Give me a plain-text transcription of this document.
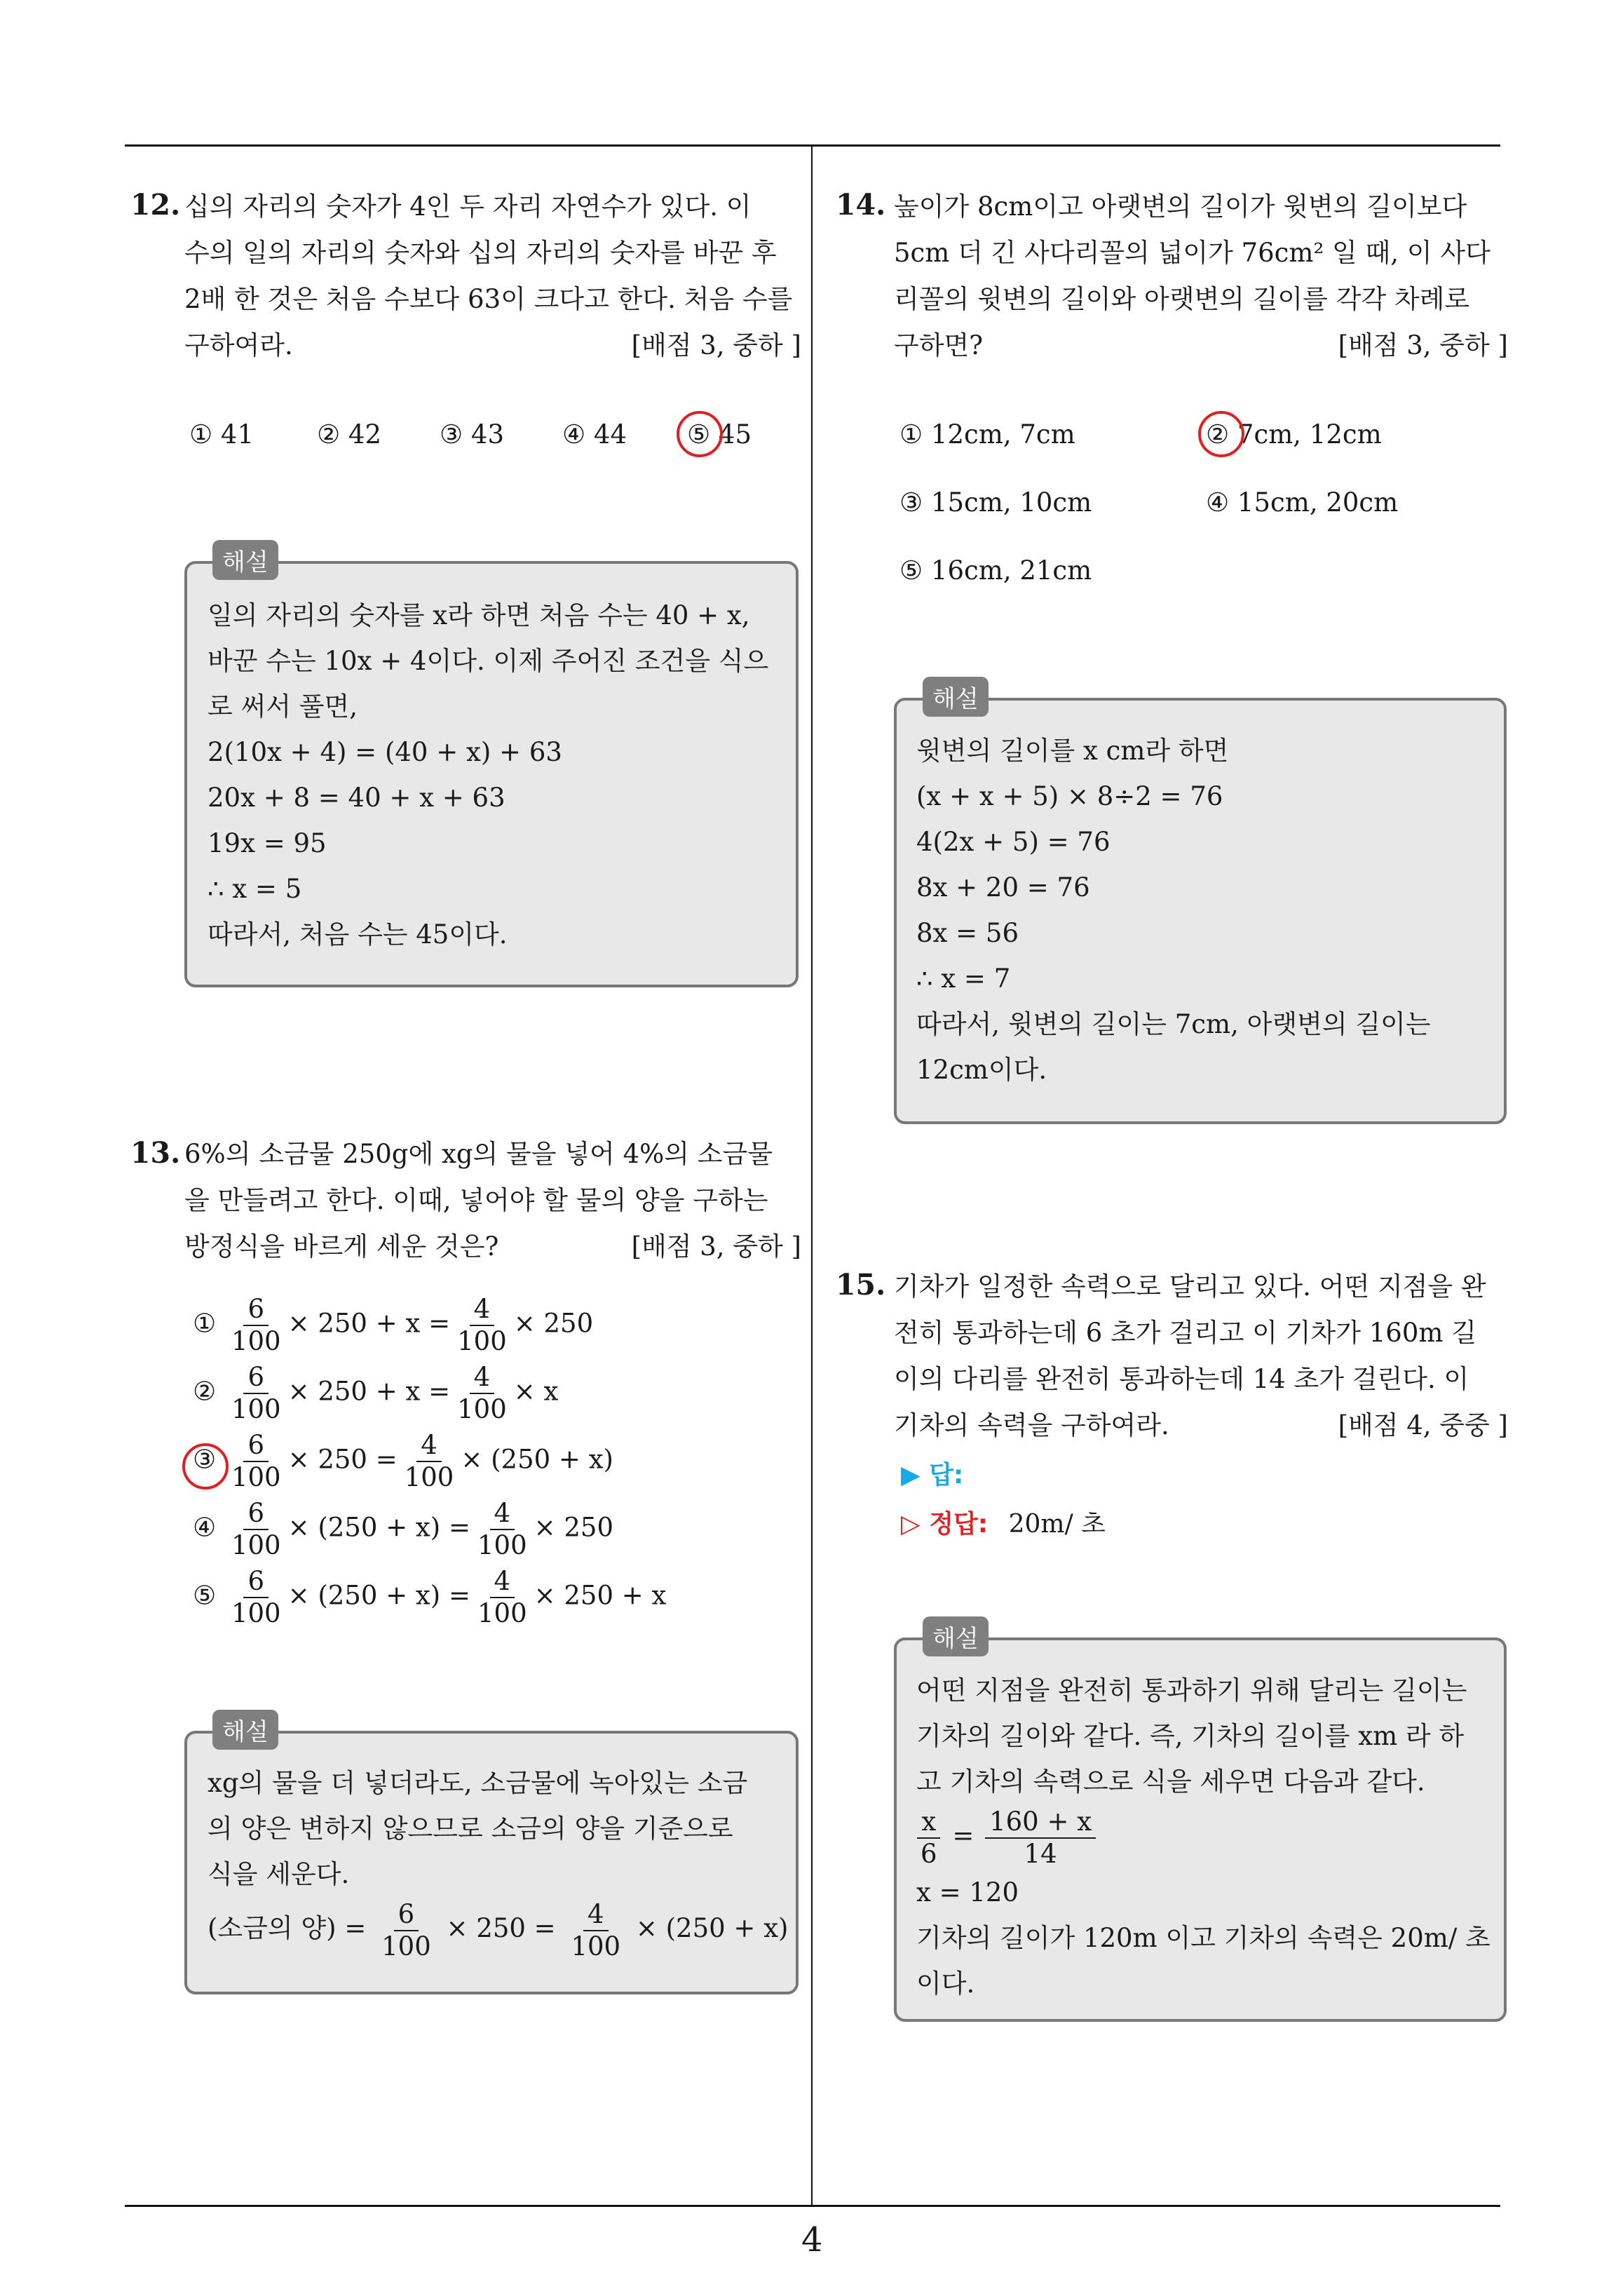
4
12. 십의 자리의 숫자가 4인 두 자리 자연수가 있다. 이
수의 일의 자리의 숫자와 십의 자리의 숫자를 바꾼 후
2배 한 것은 처음 수보다 63이 크다고 한다. 처음 수를
구하여라.	[배점 3, 중하 ]
① 41 ② 42 ③ 43 ④ 44 ⑤ 45
해설
일의 자리의 숫자를 x라 하면 처음 수는 40 + x,
바꾼 수는 10x + 4이다. 이제 주어진 조건을 식으
로 써서 풀면,
2(10x + 4) = (40 + x) + 63
20x + 8 = 40 + x + 63
19x = 95
∴ x = 5
따라서, 처음 수는 45이다.
13. 6%의 소금물 250g에 xg의 물을 넣어 4%의 소금물
을 만들려고 한다. 이때, 넣어야 할 물의 양을 구하는
방정식을 바르게 세운 것은?	[배점 3, 중하 ]
① $\frac{6}{100} \times 250 + x = \frac{4}{100} \times 250$
② $\frac{6}{100} \times 250 + x = \frac{4}{100} \times x$
③ $\frac{6}{100} \times 250 = \frac{4}{100} \times (250 + x)$
④ $\frac{6}{100} \times (250 + x) = \frac{4}{100} \times 250$
⑤ $\frac{6}{100} \times (250 + x) = \frac{4}{100} \times 250 + x$
해설
xg의 물을 더 넣더라도, 소금물에 녹아있는 소금
의 양은 변하지 않으므로 소금의 양을 기준으로
식을 세운다.
(소금의 양) = $\frac{6}{100} \times 250 = \frac{4}{100} \times (250 + x)$
14. 높이가 8cm이고 아랫변의 길이가 윗변의 길이보다
5cm 더 긴 사다리꼴의 넓이가 76cm² 일 때, 이 사다
리꼴의 윗변의 길이와 아랫변의 길이를 각각 차례로
구하면?	[배점 3, 중하 ]
① 12cm, 7cm	② 7cm, 12cm
③ 15cm, 10cm	④ 15cm, 20cm
⑤ 16cm, 21cm
해설
윗변의 길이를 x cm라 하면
(x + x + 5) × 8÷2 = 76
4(2x + 5) = 76
8x + 20 = 76
8x = 56
∴ x = 7
따라서, 윗변의 길이는 7cm, 아랫변의 길이는
12cm이다.
15. 기차가 일정한 속력으로 달리고 있다. 어떤 지점을 완
전히 통과하는데 6 초가 걸리고 이 기차가 160m 길
이의 다리를 완전히 통과하는데 14 초가 걸린다. 이
기차의 속력을 구하여라.	[배점 4, 중중 ]
▶ 답:
▷ 정답: 20m/ 초
해설
어떤 지점을 완전히 통과하기 위해 달리는 길이는
기차의 길이와 같다. 즉, 기차의 길이를 xm 라 하
고 기차의 속력으로 식을 세우면 다음과 같다.
$\frac{x}{6} = \frac{160 + x}{14}$
x = 120
기차의 길이가 120m 이고 기차의 속력은 20m/ 초
이다.
